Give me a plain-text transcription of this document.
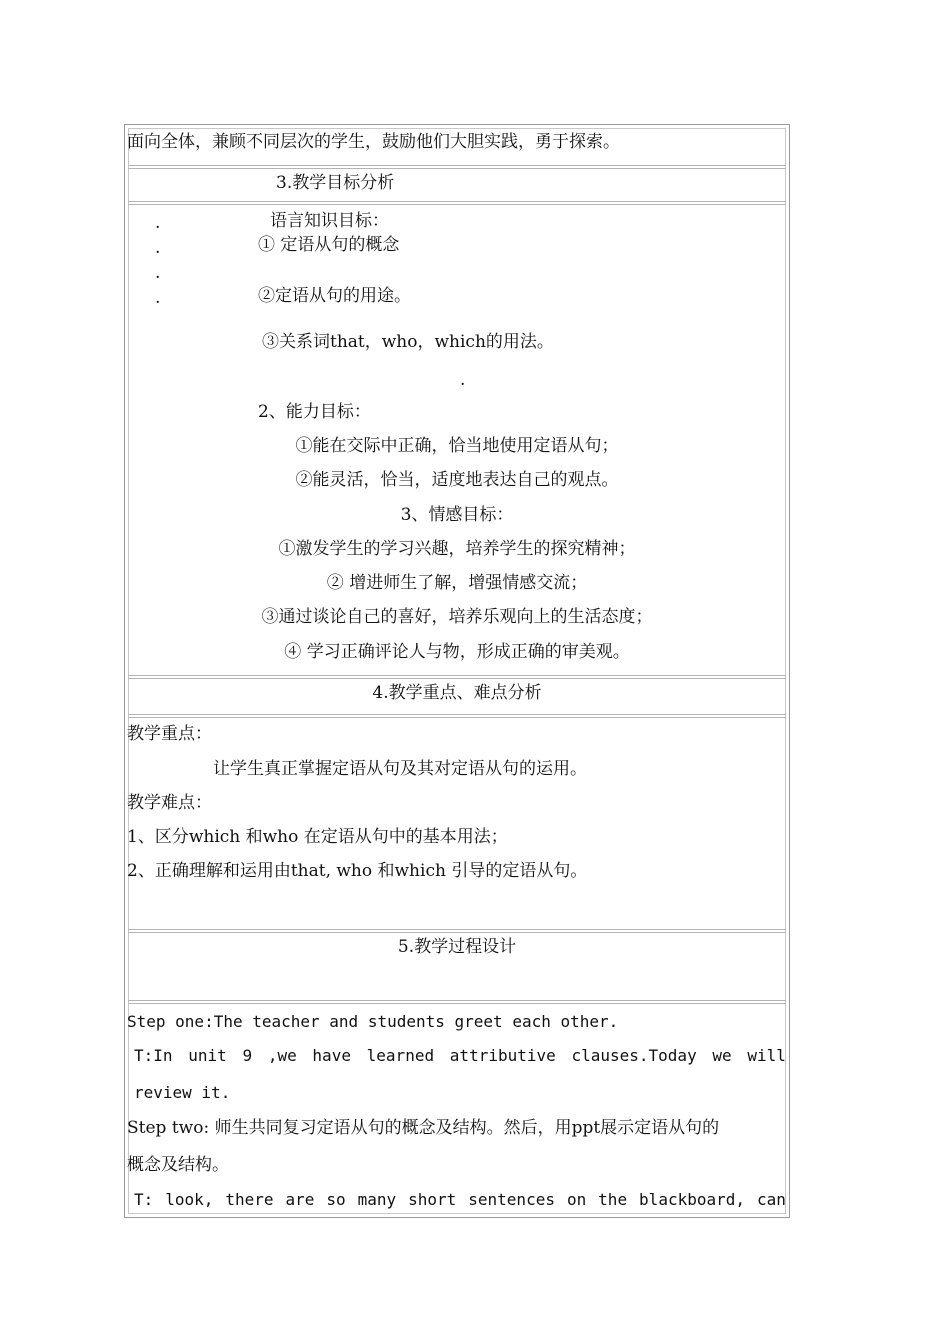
面向全体，兼顾不同层次的学生，鼓励他们大胆实践，勇于探索。
3.教学目标分析
.
.
.
.
语言知识目标：
① 定语从句的概念
②定语从句的用途。
③关系词that，who，which的用法。
.
2、能力目标：
①能在交际中正确，恰当地使用定语从句；
②能灵活，恰当，适度地表达自己的观点。
3、情感目标：
①激发学生的学习兴趣，培养学生的探究精神；
② 增进师生了解，增强情感交流；
③通过谈论自己的喜好，培养乐观向上的生活态度；
④ 学习正确评论人与物，形成正确的审美观。
4.教学重点、难点分析
教学重点：
让学生真正掌握定语从句及其对定语从句的运用。
教学难点：
1、区分which 和who 在定语从句中的基本用法；
2、正确理解和运用由that, who 和which 引导的定语从句。
5.教学过程设计
Step one:The teacher and students greet each other.
T:In unit 9 ,we have learned attributive clauses.Today we will
review it.
Step two: 师生共同复习定语从句的概念及结构。然后，用ppt展示定语从句的
概念及结构。
T: look, there are so many short sentences on the blackboard, can
